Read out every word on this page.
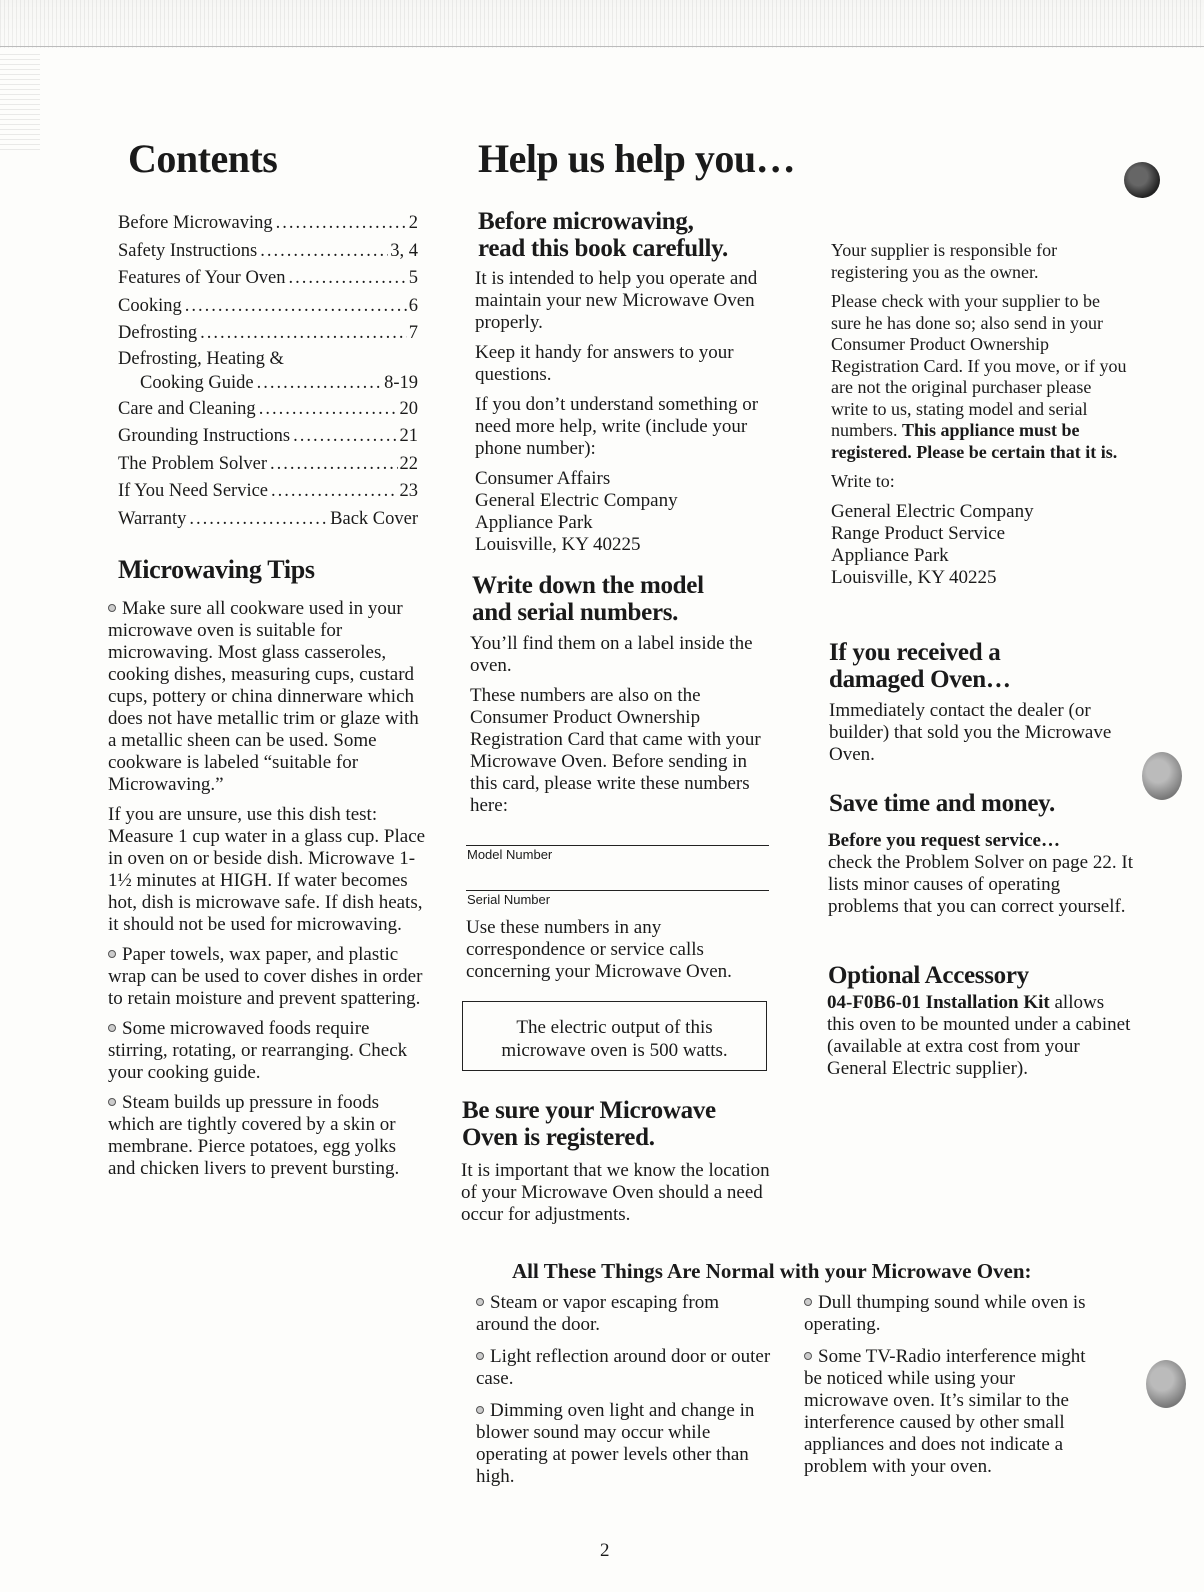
Contents
Before Microwaving .....	2
Safety Instructions .....	3, 4
Features of Your Oven .....	5
Cooking .....	6
Defrosting .....	7
Defrosting, Heating &
Cooking Guide .....	8-19
Care and Cleaning .....	20
Grounding Instructions .....	21
The Problem Solver .....	22
If You Need Service .....	23
Warranty .....	Back Cover
Microwaving Tips

Make sure all cookware used in your microwave oven is suitable for microwaving. Most glass casseroles, cooking dishes, measuring cups, custard cups, pottery or china dinnerware which does not have metallic trim or glaze with a metallic sheen can be used. Some cookware is labeled “suitable for Microwaving.”

If you are unsure, use this dish test: Measure 1 cup water in a glass cup. Place in oven on or beside dish. Microwave 1-1½ minutes at HIGH. If water becomes hot, dish is microwave safe. If dish heats, it should not be used for microwaving.

Paper towels, wax paper, and plastic wrap can be used to cover dishes in order to retain moisture and prevent spattering.

Some microwaved foods require stirring, rotating, or rearranging. Check your cooking guide.

Steam builds up pressure in foods which are tightly covered by a skin or membrane. Pierce potatoes, egg yolks and chicken livers to prevent bursting.

Help us help you…
Before microwaving,
read this book carefully.

It is intended to help you operate and maintain your new Microwave Oven properly.

Keep it handy for answers to your questions.

If you don’t understand something or need more help, write (include your phone number):

Consumer Affairs
General Electric Company
Appliance Park
Louisville, KY 40225
Write down the model
and serial numbers.

You’ll find them on a label inside the oven.

These numbers are also on the Consumer Product Ownership Registration Card that came with your Microwave Oven. Before sending in this card, please write these numbers here:

Model Number
Serial Number
Use these numbers in any correspondence or service calls concerning your Microwave Oven.
The electric output of this microwave oven is 500 watts.
Be sure your Microwave
Oven is registered.
It is important that we know the location of your Microwave Oven should a need occur for adjustments.

Your supplier is responsible for registering you as the owner.

Please check with your supplier to be sure he has done so; also send in your Consumer Product Ownership Registration Card. If you move, or if you are not the original purchaser please write to us, stating model and serial numbers. This appliance must be registered. Please be certain that it is.

Write to:

General Electric Company
Range Product Service
Appliance Park
Louisville, KY 40225
If you received a
damaged Oven…
Immediately contact the dealer (or builder) that sold you the Microwave Oven.
Save time and money.
Before you request service…
check the Problem Solver on page 22. It lists minor causes of operating problems that you can correct yourself.
Optional Accessory
04-F0B6-01 Installation Kit allows this oven to be mounted under a cabinet (available at extra cost from your General Electric supplier).
All These Things Are Normal with your Microwave Oven:

Steam or vapor escaping from around the door.

Light reflection around door or outer case.

Dimming oven light and change in blower sound may occur while operating at power levels other than high.

Dull thumping sound while oven is operating.

Some TV-Radio interference might be noticed while using your microwave oven. It’s similar to the interference caused by other small appliances and does not indicate a problem with your oven.

2
